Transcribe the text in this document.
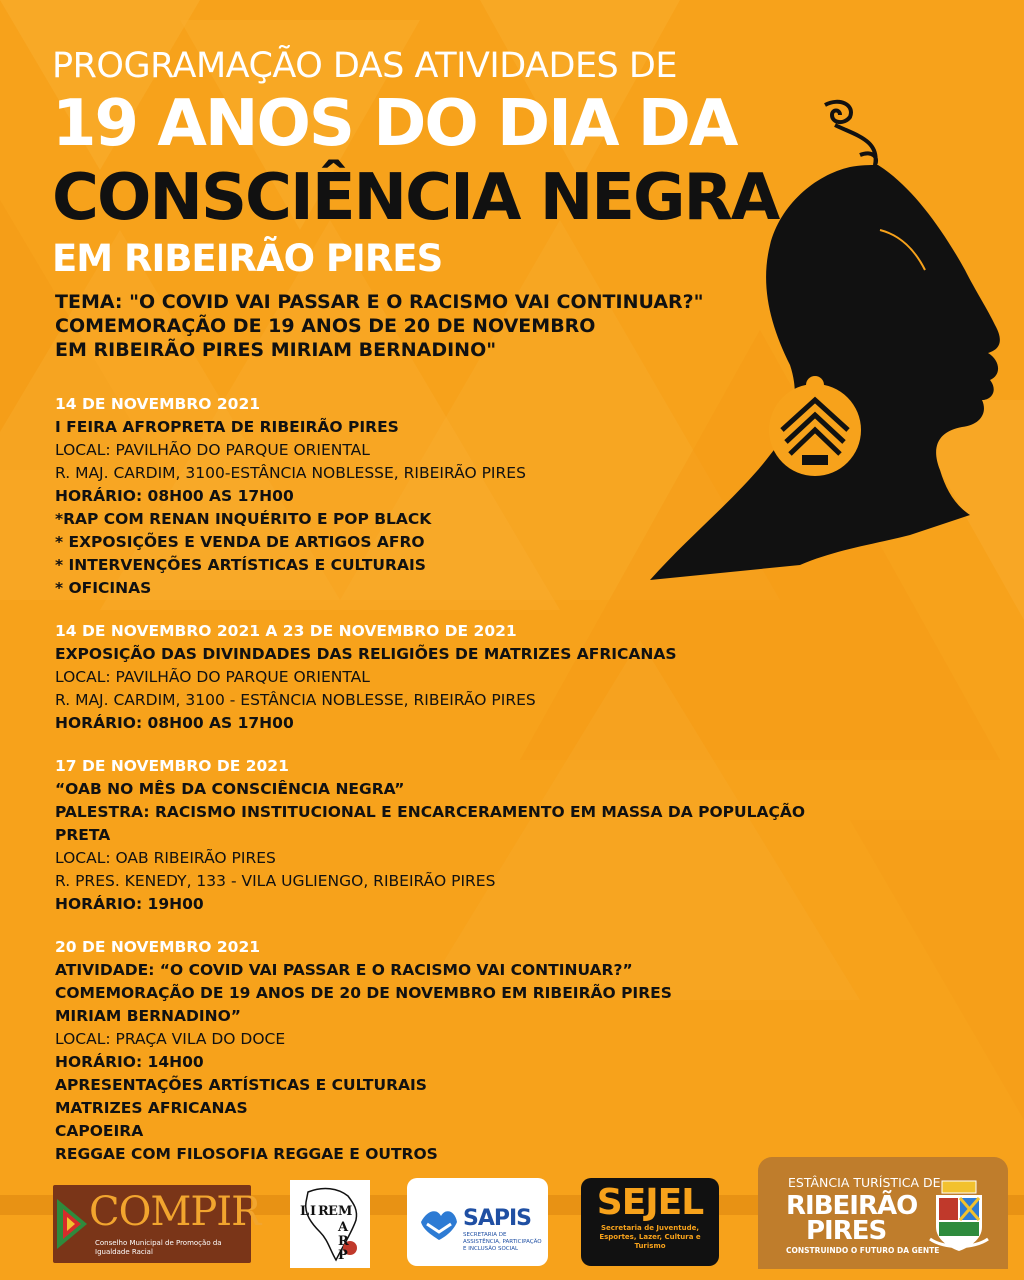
PROGRAMAÇÃO DAS ATIVIDADES DE
19 ANOS DO DIA DA
CONSCIÊNCIA NEGRA
EM RIBEIRÃO PIRES
TEMA: "O COVID VAI PASSAR E O RACISMO VAI CONTINUAR?"
COMEMORAÇÃO DE 19 ANOS DE 20 DE NOVEMBRO
EM RIBEIRÃO PIRES MIRIAM BERNADINO"
14 DE NOVEMBRO 2021
I FEIRA AFROPRETA DE RIBEIRÃO PIRES
LOCAL: PAVILHÃO DO PARQUE ORIENTAL
R. MAJ. CARDIM, 3100-ESTÂNCIA NOBLESSE, RIBEIRÃO PIRES
HORÁRIO: 08H00 AS 17H00
*RAP COM RENAN INQUÉRITO E POP BLACK
* EXPOSIÇÕES E VENDA DE ARTIGOS AFRO
* INTERVENÇÕES ARTÍSTICAS E CULTURAIS
* OFICINAS
14 DE NOVEMBRO 2021 A 23 DE NOVEMBRO DE 2021
EXPOSIÇÃO DAS DIVINDADES DAS RELIGIÕES DE MATRIZES AFRICANAS
LOCAL: PAVILHÃO DO PARQUE ORIENTAL
R. MAJ. CARDIM, 3100 - ESTÂNCIA NOBLESSE, RIBEIRÃO PIRES
HORÁRIO: 08H00 AS 17H00
17 DE NOVEMBRO DE 2021
“OAB NO MÊS DA CONSCIÊNCIA NEGRA”
PALESTRA: RACISMO INSTITUCIONAL E ENCARCERAMENTO EM MASSA DA POPULAÇÃO PRETA
LOCAL: OAB RIBEIRÃO PIRES
R. PRES. KENEDY, 133 - VILA UGLIENGO, RIBEIRÃO PIRES
HORÁRIO: 19H00
20 DE NOVEMBRO 2021
ATIVIDADE: “O COVID VAI PASSAR E O RACISMO VAI CONTINUAR?”
COMEMORAÇÃO DE 19 ANOS DE 20 DE NOVEMBRO EM RIBEIRÃO PIRES
MIRIAM BERNADINO”
LOCAL: PRAÇA VILA DO DOCE
HORÁRIO: 14H00
APRESENTAÇÕES ARTÍSTICAS E CULTURAIS
MATRIZES AFRICANAS
CAPOEIRA
REGGAE COM FILOSOFIA REGGAE E OUTROS
COMPIR
Conselho Municipal de Promoção da Igualdade Racial
L I R E M
A
R
P
SAPIS
SECRETARIA DE ASSISTÊNCIA, PARTICIPAÇÃO E INCLUSÃO SOCIAL
SEJEL
Secretaria de Juventude, Esportes, Lazer, Cultura e Turismo
ESTÂNCIA TURÍSTICA DE
RIBEIRÃO
PIRES
CONSTRUINDO O FUTURO DA GENTE
